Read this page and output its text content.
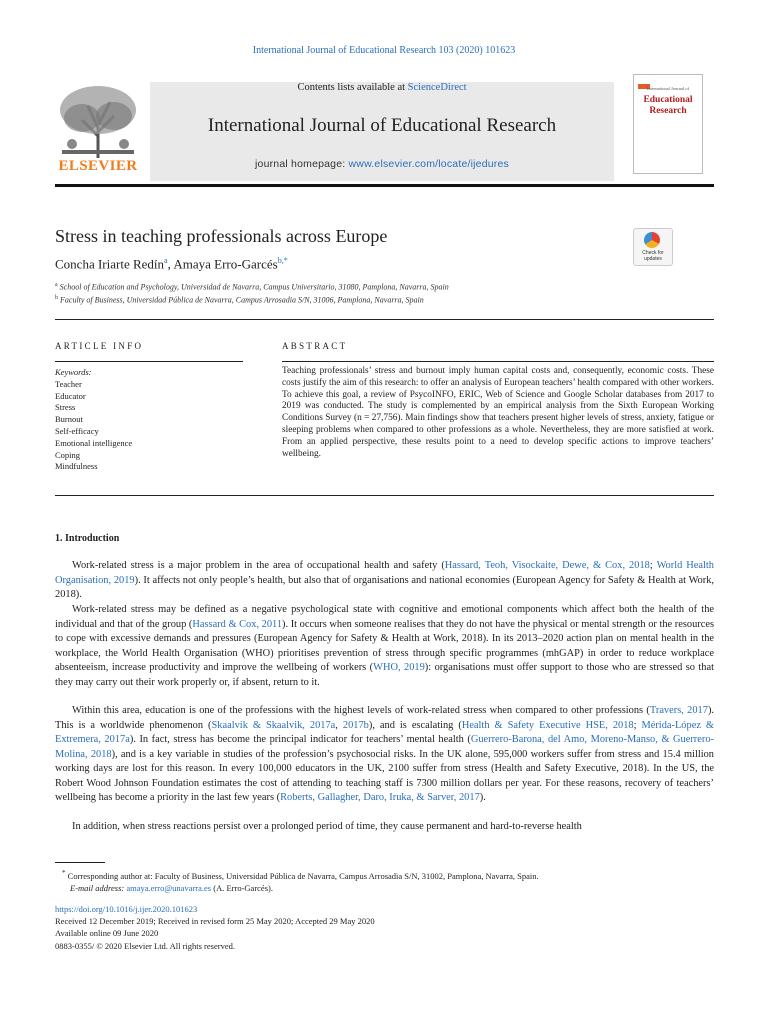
International Journal of Educational Research 103 (2020) 101623
ELSEVIER
Contents lists available at ScienceDirect
International Journal of Educational Research
journal homepage: www.elsevier.com/locate/ijedures
International Journal of
Educational Research
Stress in teaching professionals across Europe
Check for updates
Concha Iriarte Redín$^a$, Amaya Erro-Garcés$^{b,*}$
$^a$ School of Education and Psychology, Universidad de Navarra, Campus Universitario, 31080, Pamplona, Navarra, Spain
$^b$ Faculty of Business, Universidad Pública de Navarra, Campus Arrosadia S/N, 31006, Pamplona, Navarra, Spain
ARTICLE INFO	ABSTRACT
Keywords:
Teacher
Educator
Stress
Burnout
Self-efficacy
Emotional intelligence
Coping
Mindfulness
Teaching professionals’ stress and burnout imply human capital costs and, consequently, economic costs. These costs justify the aim of this research: to offer an analysis of European teachers’ health compared with other workers. To achieve this goal, a review of PsycoINFO, ERIC, Web of Science and Google Scholar databases from 2017 to 2019 was conducted. The study is complemented by an empirical analysis from the Sixth European Working Conditions Survey (n = 27,756). Main findings show that teachers present higher levels of stress, anxiety, fatigue or sleeping problems when compared to other professions as a whole. Nevertheless, they are more satisfied at work. From an applied perspective, these results point to a need to develop specific actions to improve teachers’ wellbeing.
1. Introduction
Work-related stress is a major problem in the area of occupational health and safety (Hassard, Teoh, Visockaite, Dewe, & Cox, 2018; World Health Organisation, 2019). It affects not only people’s health, but also that of organisations and national economies (European Agency for Safety & Health at Work, 2018).
Work-related stress may be defined as a negative psychological state with cognitive and emotional components which affect both the health of the individual and that of the group (Hassard & Cox, 2011). It occurs when someone realises that they do not have the physical or mental strength or the resources to cope with excessive demands and pressures (European Agency for Safety & Health at Work, 2018). In its 2013–2020 action plan on mental health in the workplace, the World Health Organisation (WHO) prioritises prevention of stress through specific programmes (mhGAP) in order to reduce workplace absenteeism, increase productivity and improve the wellbeing of workers (WHO, 2019): organisations must offer support to those who are stressed so that they may carry out their work properly or, if absent, return to it.
Within this area, education is one of the professions with the highest levels of work-related stress when compared to other professions (Travers, 2017). This is a worldwide phenomenon (Skaalvik & Skaalvik, 2017a, 2017b), and is escalating (Health & Safety Executive HSE, 2018; Mérida-López & Extremera, 2017a). In fact, stress has become the principal indicator for teachers’ mental health (Guerrero-Barona, del Amo, Moreno-Manso, & Guerrero-Molina, 2018), and is a key variable in studies of the profession’s psychosocial risks. In the UK alone, 595,000 workers suffer from stress and 15.4 million working days are lost for this reason. In every 100,000 educators in the UK, 2100 suffer from stress (Health and Safety Executive, 2018). In the US, the Robert Wood Johnson Foundation estimates the cost of attending to teaching staff is 7300 million dollars per year. For these reasons, recovery of teachers’ wellbeing has become a priority in the last few years (Roberts, Gallagher, Daro, Iruka, & Sarver, 2017).
In addition, when stress reactions persist over a prolonged period of time, they cause permanent and hard-to-reverse health
* Corresponding author at: Faculty of Business, Universidad Pública de Navarra, Campus Arrosadia S/N, 31002, Pamplona, Navarra, Spain.
E-mail address: amaya.erro@unavarra.es (A. Erro-Garcés).
https://doi.org/10.1016/j.ijer.2020.101623
Received 12 December 2019; Received in revised form 25 May 2020; Accepted 29 May 2020
Available online 09 June 2020
0883-0355/ © 2020 Elsevier Ltd. All rights reserved.
